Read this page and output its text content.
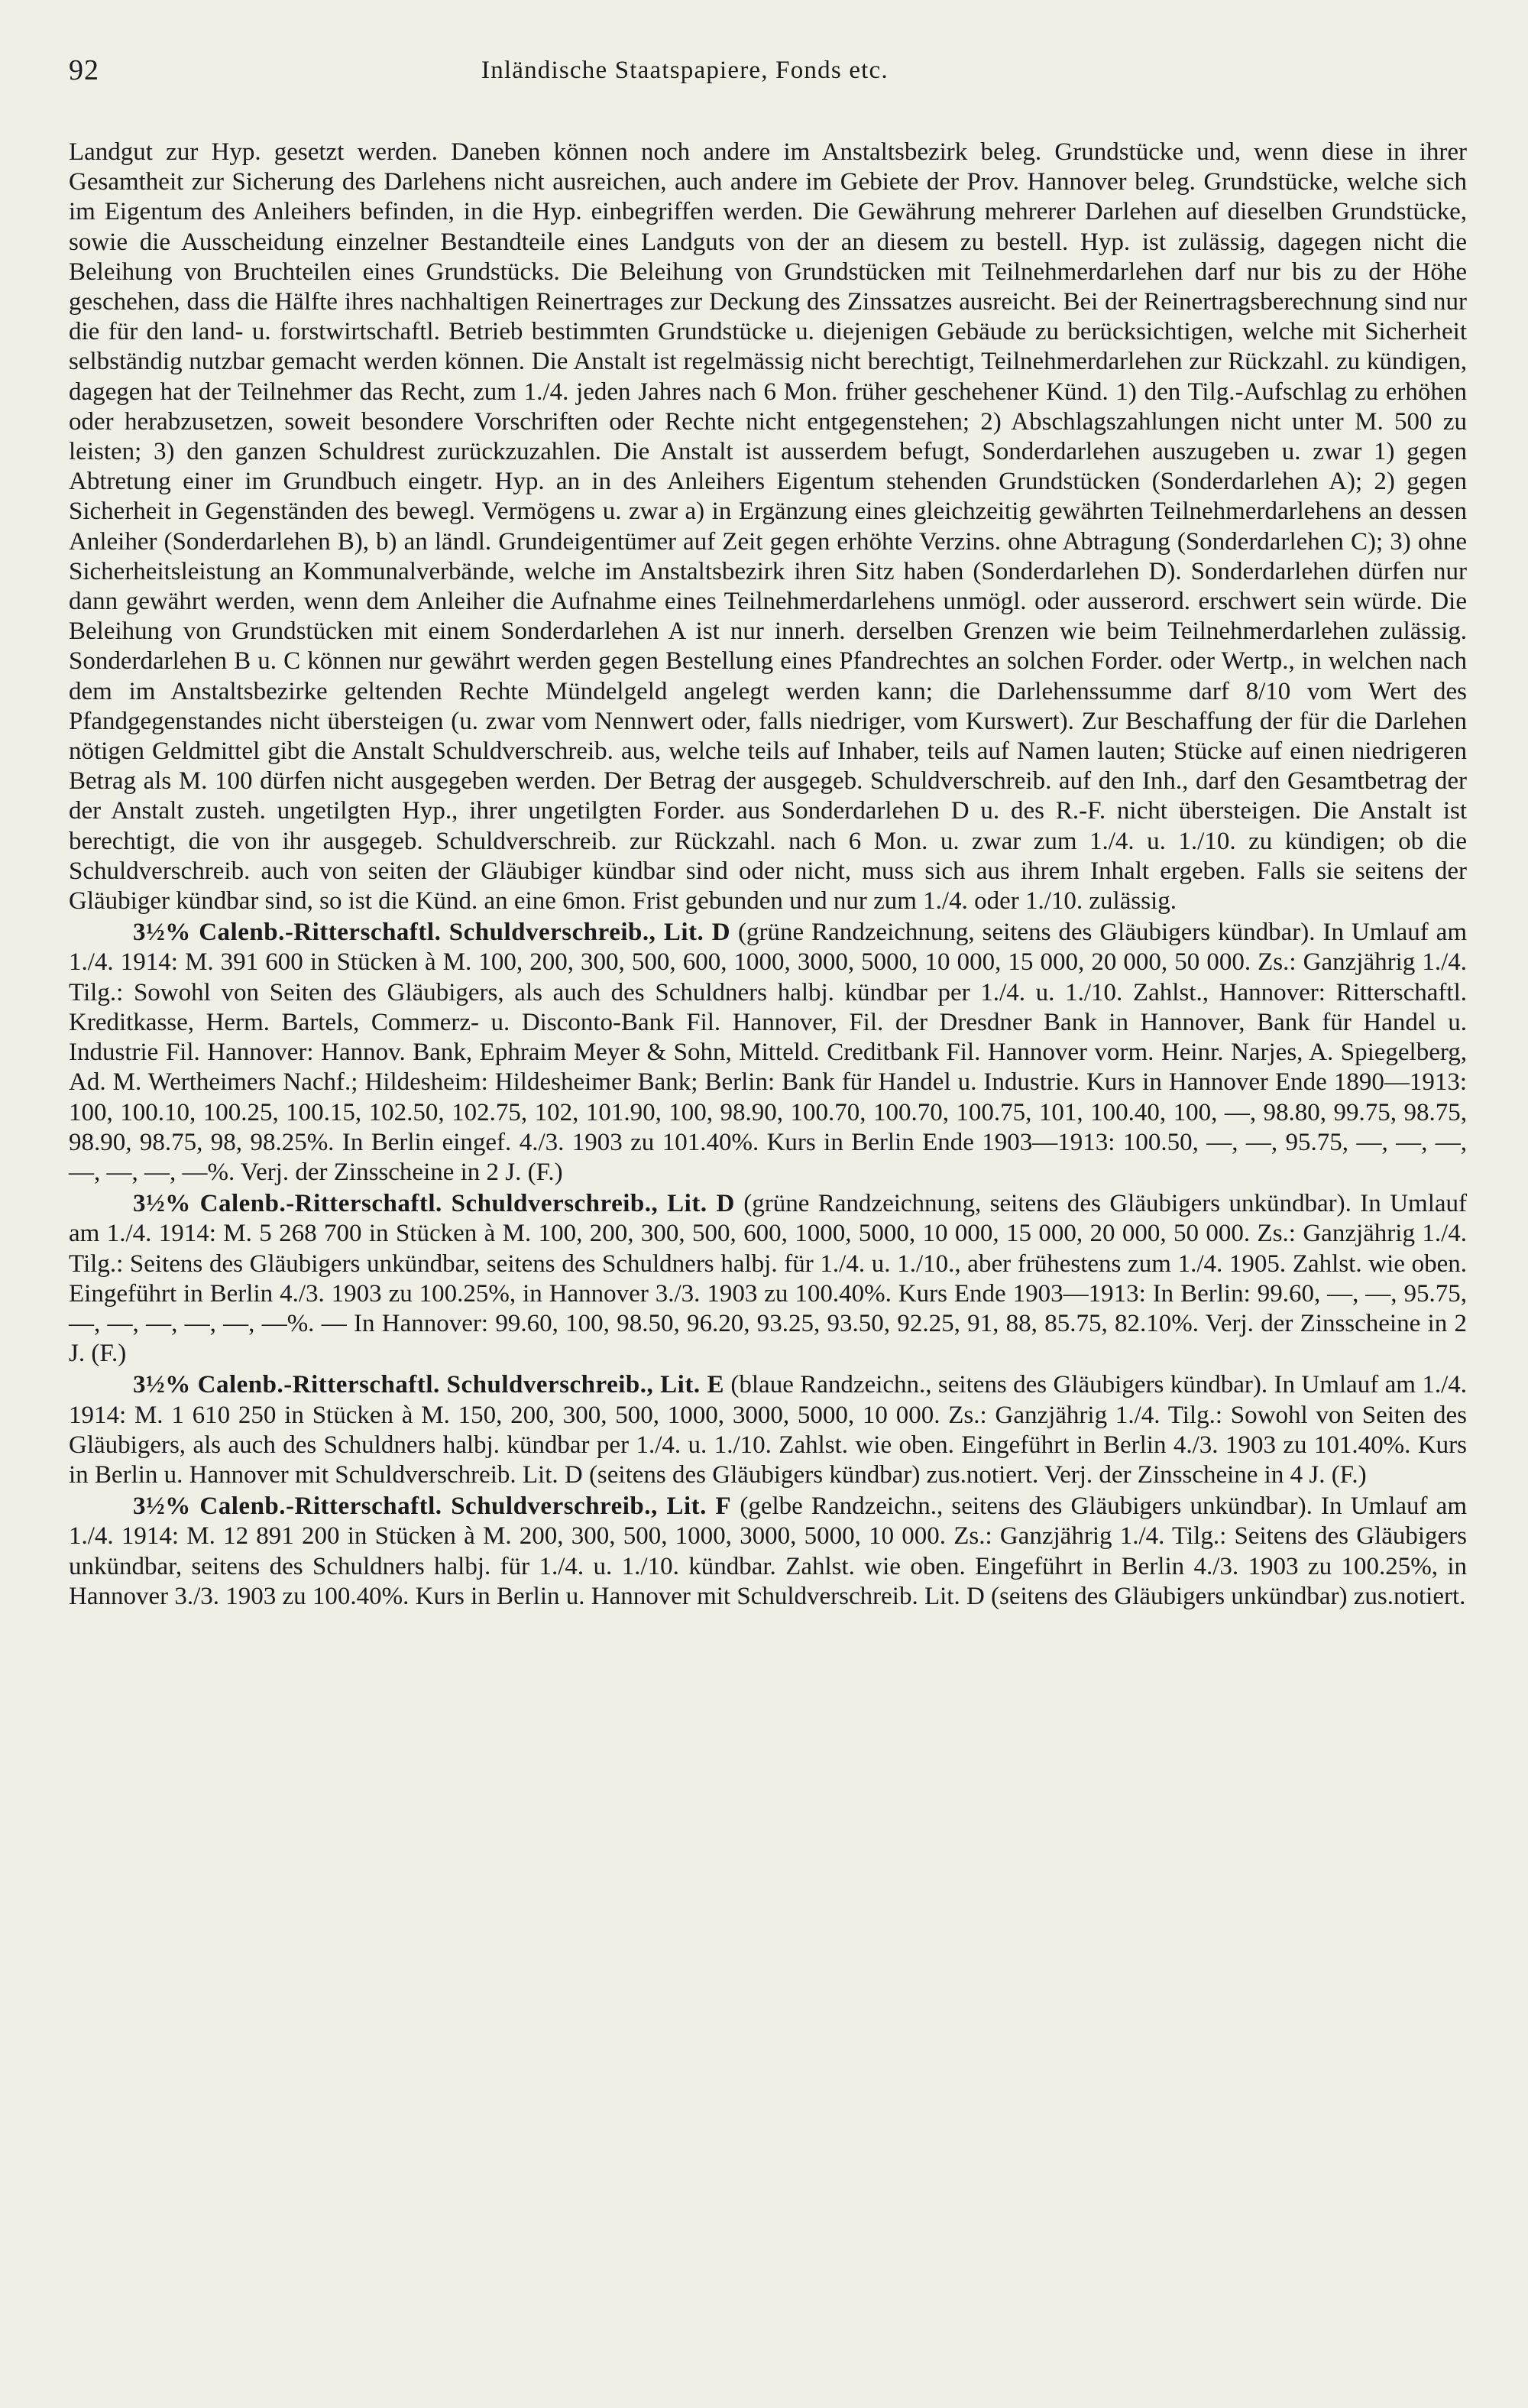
92	Inländische Staatspapiere, Fonds etc.

Landgut zur Hyp. gesetzt werden. Daneben können noch andere im Anstaltsbezirk beleg. Grundstücke und, wenn diese in ihrer Gesamtheit zur Sicherung des Darlehens nicht ausreichen, auch andere im Gebiete der Prov. Hannover beleg. Grundstücke, welche sich im Eigentum des Anleihers befinden, in die Hyp. einbegriffen werden. Die Gewährung mehrerer Darlehen auf dieselben Grundstücke, sowie die Ausscheidung einzelner Bestandteile eines Landguts von der an diesem zu bestell. Hyp. ist zulässig, dagegen nicht die Beleihung von Bruchteilen eines Grundstücks. Die Beleihung von Grundstücken mit Teilnehmerdarlehen darf nur bis zu der Höhe geschehen, dass die Hälfte ihres nachhaltigen Reinertrages zur Deckung des Zinssatzes ausreicht. Bei der Reinertragsberechnung sind nur die für den land- u. forstwirtschaftl. Betrieb bestimmten Grundstücke u. diejenigen Gebäude zu berücksichtigen, welche mit Sicherheit selbständig nutzbar gemacht werden können. Die Anstalt ist regelmässig nicht berechtigt, Teilnehmerdarlehen zur Rückzahl. zu kündigen, dagegen hat der Teilnehmer das Recht, zum 1./4. jeden Jahres nach 6 Mon. früher geschehener Künd. 1) den Tilg.-Aufschlag zu erhöhen oder herabzusetzen, soweit besondere Vorschriften oder Rechte nicht entgegenstehen; 2) Abschlagszahlungen nicht unter M. 500 zu leisten; 3) den ganzen Schuldrest zurückzuzahlen. Die Anstalt ist ausserdem befugt, Sonderdarlehen auszugeben u. zwar 1) gegen Abtretung einer im Grundbuch eingetr. Hyp. an in des Anleihers Eigentum stehenden Grundstücken (Sonderdarlehen A); 2) gegen Sicherheit in Gegenständen des bewegl. Vermögens u. zwar a) in Ergänzung eines gleichzeitig gewährten Teilnehmerdarlehens an dessen Anleiher (Sonderdarlehen B), b) an ländl. Grundeigentümer auf Zeit gegen erhöhte Verzins. ohne Abtragung (Sonderdarlehen C); 3) ohne Sicherheitsleistung an Kommunalverbände, welche im Anstaltsbezirk ihren Sitz haben (Sonderdarlehen D). Sonderdarlehen dürfen nur dann gewährt werden, wenn dem Anleiher die Aufnahme eines Teilnehmerdarlehens unmögl. oder ausserord. erschwert sein würde. Die Beleihung von Grundstücken mit einem Sonderdarlehen A ist nur innerh. derselben Grenzen wie beim Teilnehmerdarlehen zulässig. Sonderdarlehen B u. C können nur gewährt werden gegen Bestellung eines Pfandrechtes an solchen Forder. oder Wertp., in welchen nach dem im Anstaltsbezirke geltenden Rechte Mündelgeld angelegt werden kann; die Darlehenssumme darf 8/10 vom Wert des Pfandgegenstandes nicht übersteigen (u. zwar vom Nennwert oder, falls niedriger, vom Kurswert). Zur Beschaffung der für die Darlehen nötigen Geldmittel gibt die Anstalt Schuldverschreib. aus, welche teils auf Inhaber, teils auf Namen lauten; Stücke auf einen niedrigeren Betrag als M. 100 dürfen nicht ausgegeben werden. Der Betrag der ausgegeb. Schuldverschreib. auf den Inh., darf den Gesamtbetrag der der Anstalt zusteh. ungetilgten Hyp., ihrer ungetilgten Forder. aus Sonderdarlehen D u. des R.-F. nicht übersteigen. Die Anstalt ist berechtigt, die von ihr ausgegeb. Schuldverschreib. zur Rückzahl. nach 6 Mon. u. zwar zum 1./4. u. 1./10. zu kündigen; ob die Schuldverschreib. auch von seiten der Gläubiger kündbar sind oder nicht, muss sich aus ihrem Inhalt ergeben. Falls sie seitens der Gläubiger kündbar sind, so ist die Künd. an eine 6mon. Frist gebunden und nur zum 1./4. oder 1./10. zulässig.

3½% Calenb.-Ritterschaftl. Schuldverschreib., Lit. D (grüne Randzeichnung, seitens des Gläubigers kündbar). In Umlauf am 1./4. 1914: M. 391 600 in Stücken à M. 100, 200, 300, 500, 600, 1000, 3000, 5000, 10 000, 15 000, 20 000, 50 000. Zs.: Ganzjährig 1./4. Tilg.: Sowohl von Seiten des Gläubigers, als auch des Schuldners halbj. kündbar per 1./4. u. 1./10. Zahlst., Hannover: Ritterschaftl. Kreditkasse, Herm. Bartels, Commerz- u. Disconto-Bank Fil. Hannover, Fil. der Dresdner Bank in Hannover, Bank für Handel u. Industrie Fil. Hannover: Hannov. Bank, Ephraim Meyer & Sohn, Mitteld. Creditbank Fil. Hannover vorm. Heinr. Narjes, A. Spiegelberg, Ad. M. Wertheimers Nachf.; Hildesheim: Hildesheimer Bank; Berlin: Bank für Handel u. Industrie. Kurs in Hannover Ende 1890—1913: 100, 100.10, 100.25, 100.15, 102.50, 102.75, 102, 101.90, 100, 98.90, 100.70, 100.70, 100.75, 101, 100.40, 100, —, 98.80, 99.75, 98.75, 98.90, 98.75, 98, 98.25%. In Berlin eingef. 4./3. 1903 zu 101.40%. Kurs in Berlin Ende 1903—1913: 100.50, —, —, 95.75, —, —, —, —, —, —, —%. Verj. der Zinsscheine in 2 J. (F.)

3½% Calenb.-Ritterschaftl. Schuldverschreib., Lit. D (grüne Randzeichnung, seitens des Gläubigers unkündbar). In Umlauf am 1./4. 1914: M. 5 268 700 in Stücken à M. 100, 200, 300, 500, 600, 1000, 5000, 10 000, 15 000, 20 000, 50 000. Zs.: Ganzjährig 1./4. Tilg.: Seitens des Gläubigers unkündbar, seitens des Schuldners halbj. für 1./4. u. 1./10., aber frühestens zum 1./4. 1905. Zahlst. wie oben. Eingeführt in Berlin 4./3. 1903 zu 100.25%, in Hannover 3./3. 1903 zu 100.40%. Kurs Ende 1903—1913: In Berlin: 99.60, —, —, 95.75, —, —, —, —, —, —%. — In Hannover: 99.60, 100, 98.50, 96.20, 93.25, 93.50, 92.25, 91, 88, 85.75, 82.10%. Verj. der Zinsscheine in 2 J. (F.)

3½% Calenb.-Ritterschaftl. Schuldverschreib., Lit. E (blaue Randzeichn., seitens des Gläubigers kündbar). In Umlauf am 1./4. 1914: M. 1 610 250 in Stücken à M. 150, 200, 300, 500, 1000, 3000, 5000, 10 000. Zs.: Ganzjährig 1./4. Tilg.: Sowohl von Seiten des Gläubigers, als auch des Schuldners halbj. kündbar per 1./4. u. 1./10. Zahlst. wie oben. Eingeführt in Berlin 4./3. 1903 zu 101.40%. Kurs in Berlin u. Hannover mit Schuldverschreib. Lit. D (seitens des Gläubigers kündbar) zus.notiert. Verj. der Zinsscheine in 4 J. (F.)

3½% Calenb.-Ritterschaftl. Schuldverschreib., Lit. F (gelbe Randzeichn., seitens des Gläubigers unkündbar). In Umlauf am 1./4. 1914: M. 12 891 200 in Stücken à M. 200, 300, 500, 1000, 3000, 5000, 10 000. Zs.: Ganzjährig 1./4. Tilg.: Seitens des Gläubigers unkündbar, seitens des Schuldners halbj. für 1./4. u. 1./10. kündbar. Zahlst. wie oben. Eingeführt in Berlin 4./3. 1903 zu 100.25%, in Hannover 3./3. 1903 zu 100.40%. Kurs in Berlin u. Hannover mit Schuldverschreib. Lit. D (seitens des Gläubigers unkündbar) zus.notiert.
